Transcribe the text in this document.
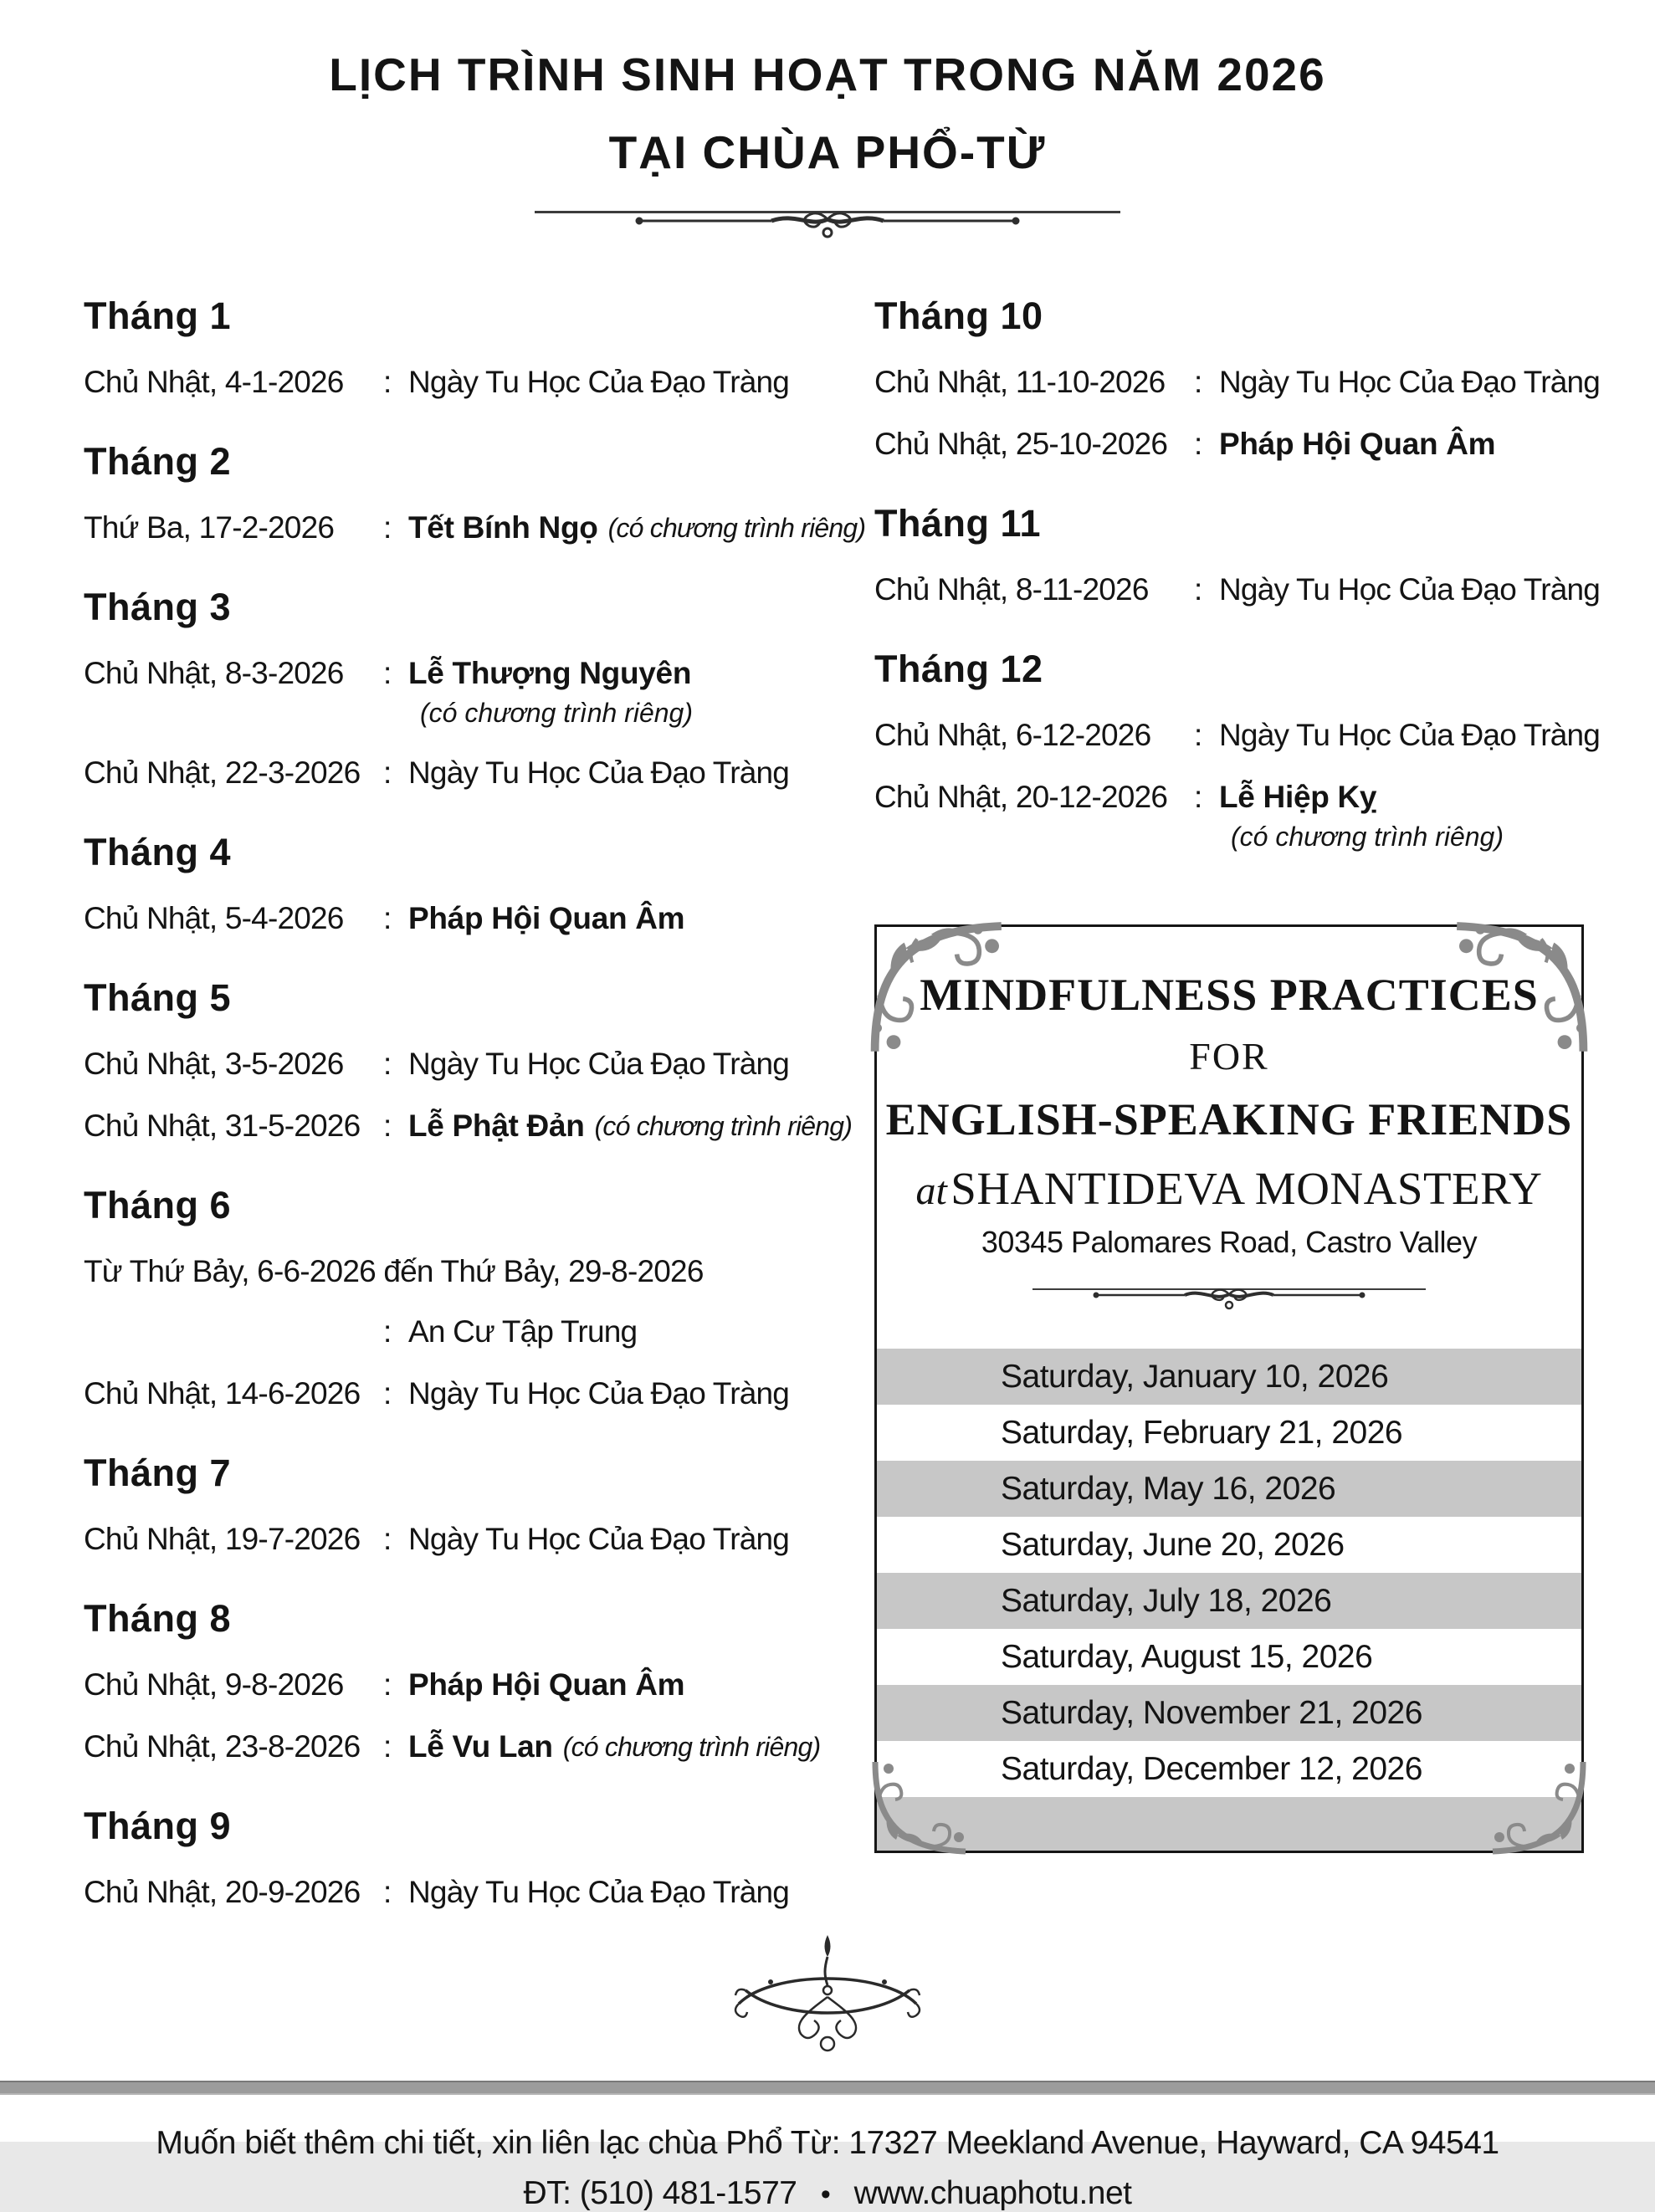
LỊCH TRÌNH SINH HOẠT TRONG NĂM 2026
TẠI CHÙA PHỔ-TỪ
Tháng 1
Chủ Nhật, 4-1-2026	: Ngày Tu Học Của Đạo Tràng
Tháng 2
Thứ Ba, 17-2-2026	: Tết Bính Ngọ (có chương trình riêng)
Tháng 3
Chủ Nhật, 8-3-2026	: Lễ Thượng Nguyên
(có chương trình riêng)
Chủ Nhật, 22-3-2026 : Ngày Tu Học Của Đạo Tràng
Tháng 4
Chủ Nhật, 5-4-2026	: Pháp Hội Quan Âm
Tháng 5
Chủ Nhật, 3-5-2026	: Ngày Tu Học Của Đạo Tràng
Chủ Nhật, 31-5-2026 : Lễ Phật Đản (có chương trình riêng)
Tháng 6
Từ Thứ Bảy, 6-6-2026 đến Thứ Bảy, 29-8-2026
: An Cư Tập Trung
Chủ Nhật, 14-6-2026 : Ngày Tu Học Của Đạo Tràng
Tháng 7
Chủ Nhật, 19-7-2026 : Ngày Tu Học Của Đạo Tràng
Tháng 8
Chủ Nhật, 9-8-2026	: Pháp Hội Quan Âm
Chủ Nhật, 23-8-2026 : Lễ Vu Lan (có chương trình riêng)
Tháng 9
Chủ Nhật, 20-9-2026 : Ngày Tu Học Của Đạo Tràng
Tháng 10
Chủ Nhật, 11-10-2026 : Ngày Tu Học Của Đạo Tràng
Chủ Nhật, 25-10-2026 : Pháp Hội Quan Âm
Tháng 11
Chủ Nhật, 8-11-2026	: Ngày Tu Học Của Đạo Tràng
Tháng 12
Chủ Nhật, 6-12-2026	: Ngày Tu Học Của Đạo Tràng
Chủ Nhật, 20-12-2026 : Lễ Hiệp Kỵ
(có chương trình riêng)
MINDFULNESS PRACTICES
FOR
ENGLISH-SPEAKING FRIENDS
at SHANTIDEVA MONASTERY
30345 Palomares Road, Castro Valley
Saturday, January 10, 2026
Saturday, February 21, 2026
Saturday, May 16, 2026
Saturday, June 20, 2026
Saturday, July 18, 2026
Saturday, August 15, 2026
Saturday, November 21, 2026
Saturday, December 12, 2026
Muốn biết thêm chi tiết, xin liên lạc chùa Phổ Từ: 17327 Meekland Avenue, Hayward, CA 94541
ĐT: (510) 481-1577 • www.chuaphotu.net
